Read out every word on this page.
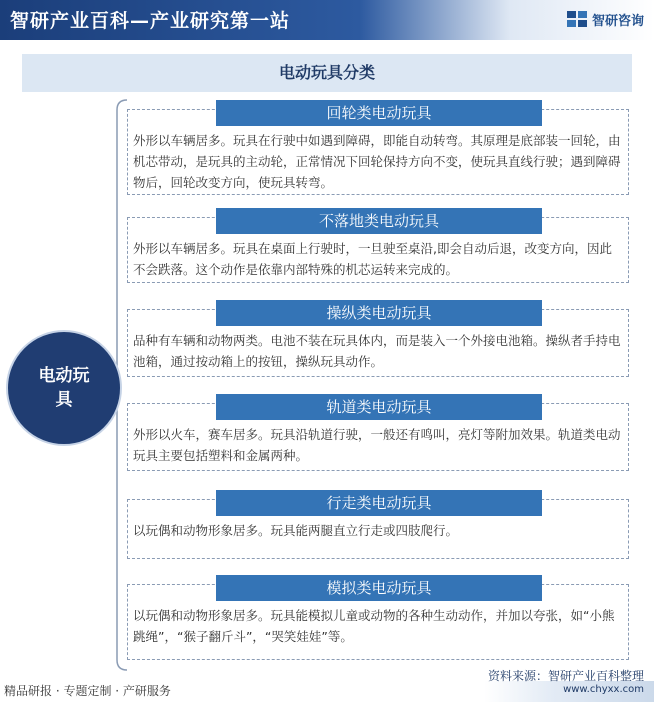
智研产业百科—产业研究第一站	智研咨询
电动玩具分类
电动玩具
回轮类电动玩具
外形以车辆居多。玩具在行驶中如遇到障碍，即能自动转弯。其原理是底部装一回轮，由机芯带动，是玩具的主动轮，正常情况下回轮保持方向不变，使玩具直线行驶；遇到障碍物后，回轮改变方向，使玩具转弯。
不落地类电动玩具
外形以车辆居多。玩具在桌面上行驶时，一旦驶至桌沿,即会自动后退，改变方向，因此不会跌落。这个动作是依靠内部特殊的机芯运转来完成的。
操纵类电动玩具
品种有车辆和动物两类。电池不装在玩具体内，而是装入一个外接电池箱。操纵者手持电池箱，通过按动箱上的按钮，操纵玩具动作。
轨道类电动玩具
外形以火车，赛车居多。玩具沿轨道行驶，一般还有鸣叫，亮灯等附加效果。轨道类电动玩具主要包括塑料和金属两种。
行走类电动玩具
以玩偶和动物形象居多。玩具能两腿直立行走或四肢爬行。
模拟类电动玩具
以玩偶和动物形象居多。玩具能模拟儿童或动物的各种生动动作，并加以夸张，如“小熊跳绳”，“猴子翻斤斗”，“哭笑娃娃”等。
精品研报 · 专题定制 · 产研服务
资料来源：智研产业百科整理
www.chyxx.com
